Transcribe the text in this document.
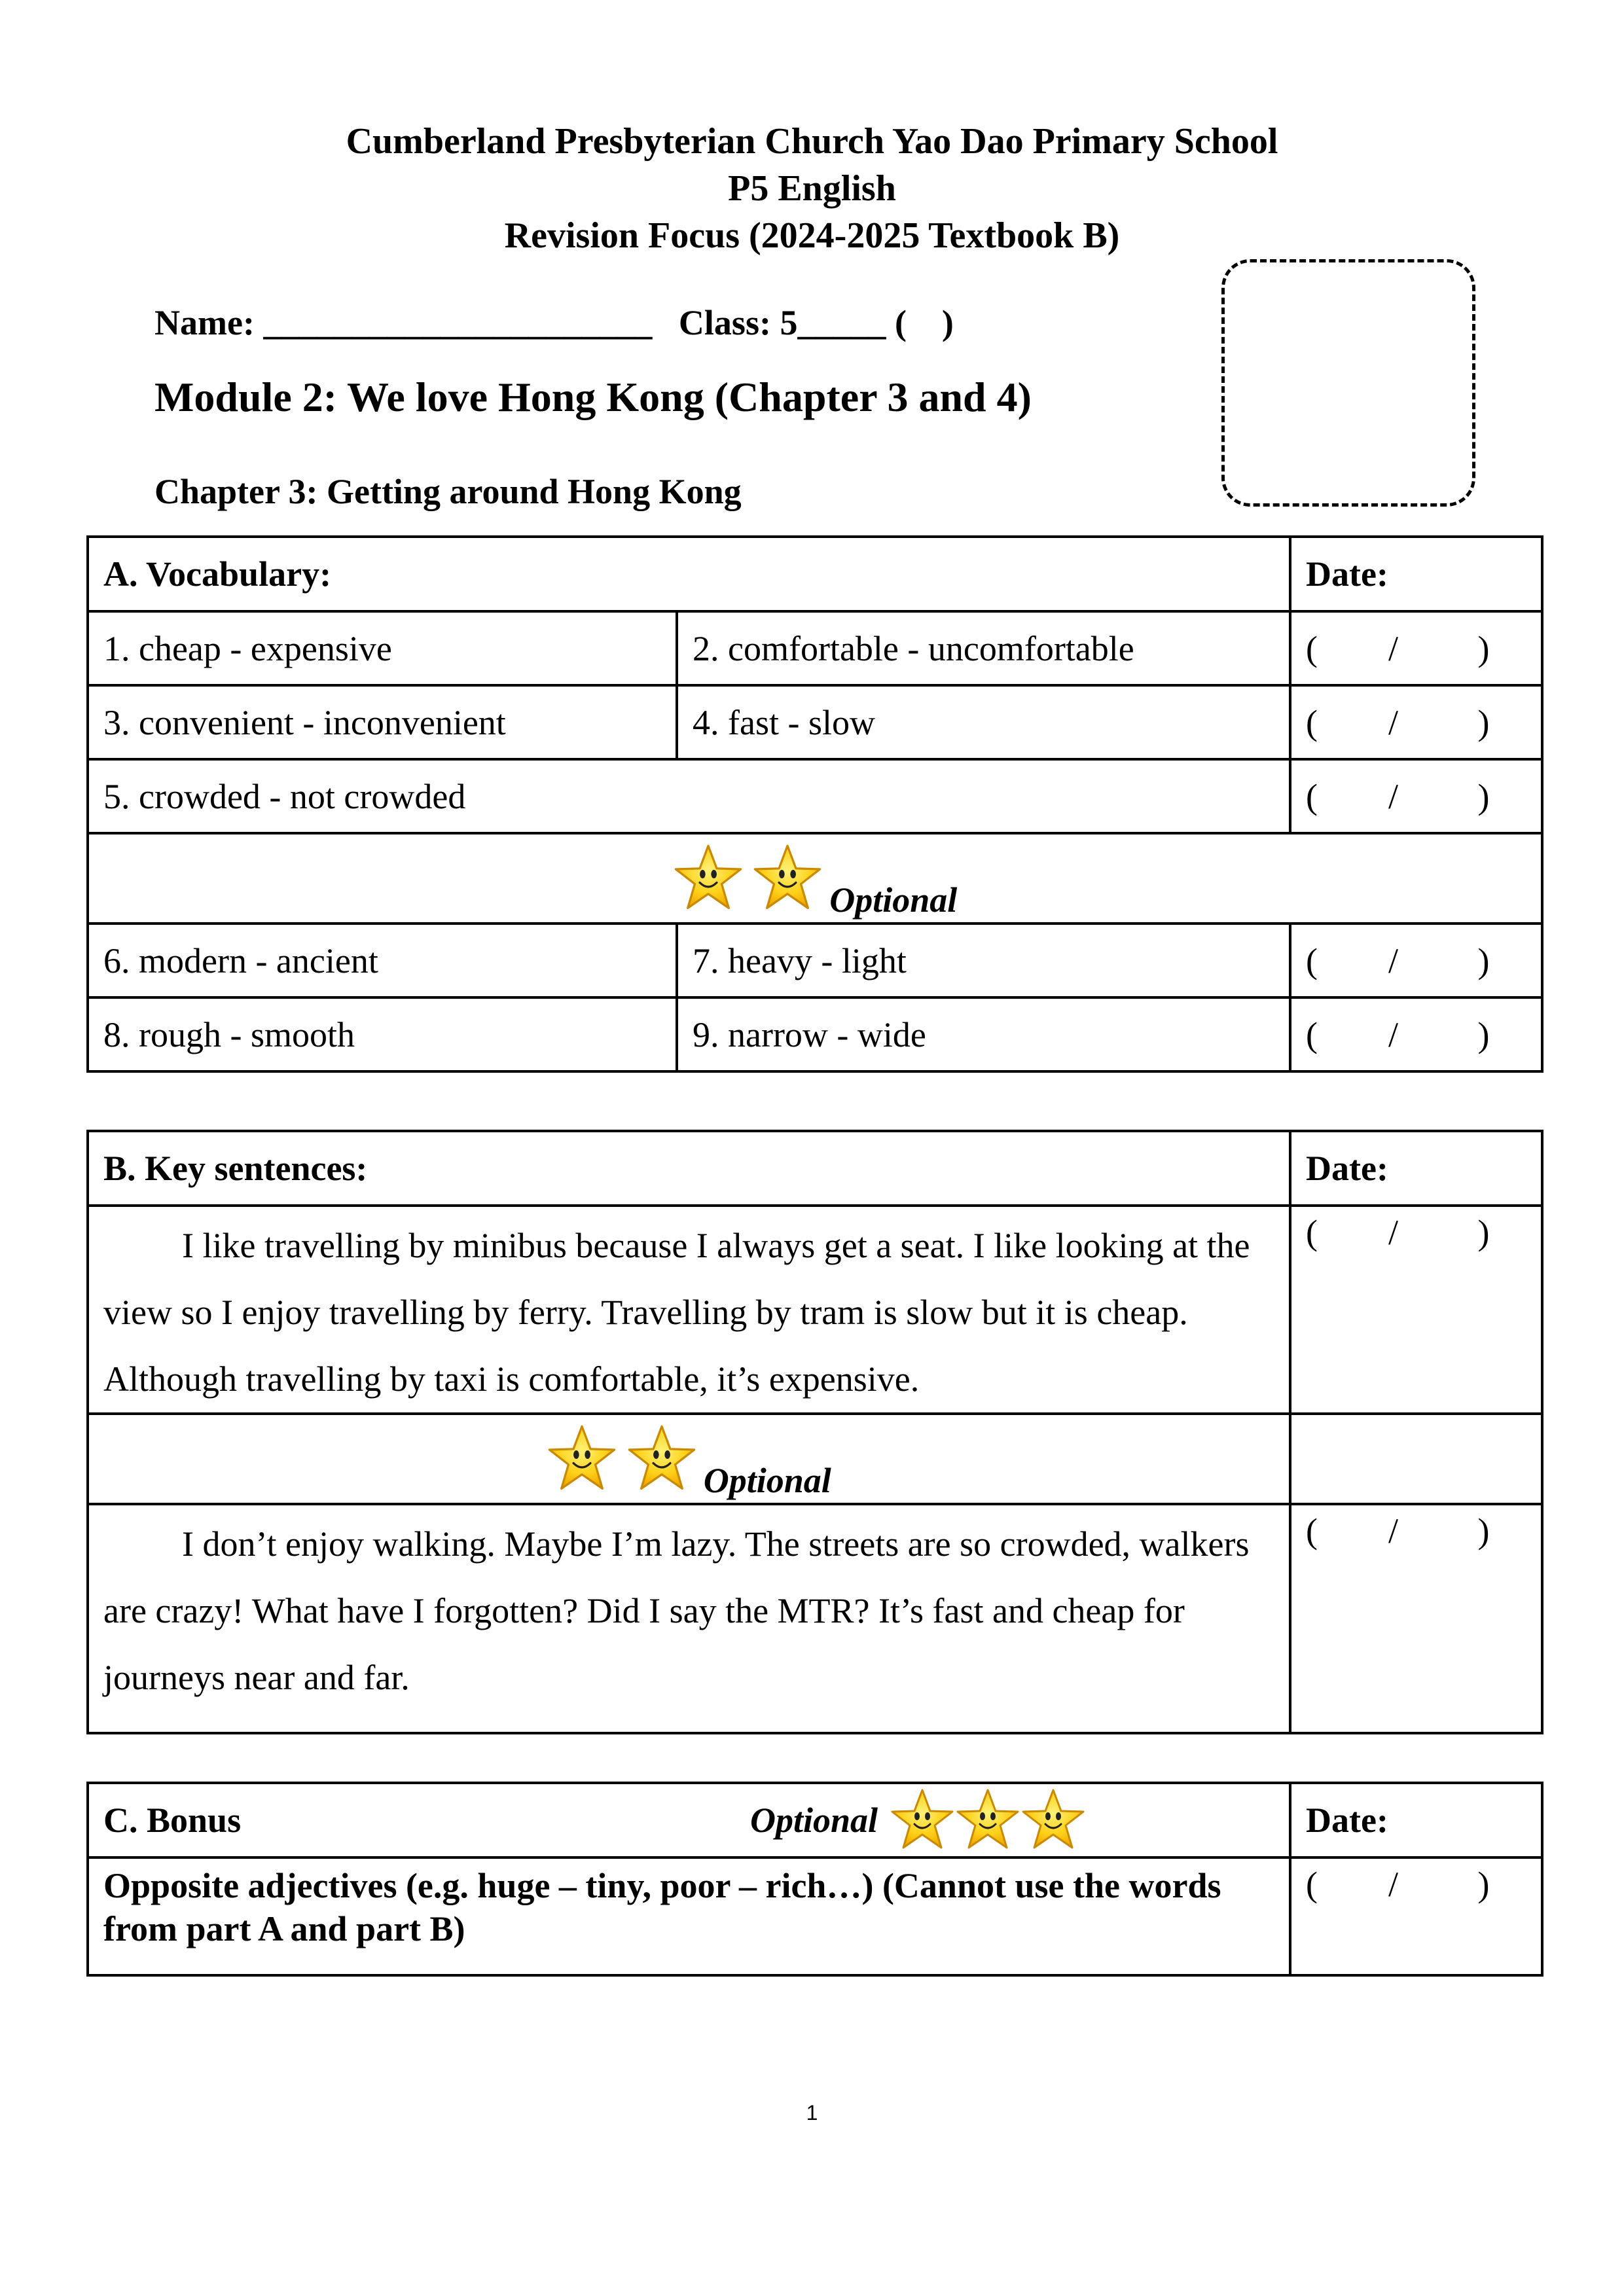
Cumberland Presbyterian Church Yao Dao Primary School
P5 English
Revision Focus (2024-2025 Textbook B)
Name: ______________________   Class: 5_____ (    )
Module 2: We love Hong Kong (Chapter 3 and 4)
Chapter 3: Getting around Hong Kong
A. Vocabulary:		Date:
1. cheap - expensive	2. comfortable - uncomfortable	(        /         )
3. convenient - inconvenient	4. fast - slow	(        /         )
5. crowded - not crowded		(        /         )
Optional		
6. modern - ancient	7. heavy - light	(        /         )
8. rough - smooth	9. narrow - wide	(        /         )
B. Key sentences:	Date:
I like travelling by minibus because I always get a seat. I like looking at the view so I enjoy travelling by ferry. Travelling by tram is slow but it is cheap. Although travelling by taxi is comfortable, it’s expensive.	(        /         )
Optional	
I don’t enjoy walking. Maybe I’m lazy. The streets are so crowded, walkers are crazy! What have I forgotten? Did I say the MTR? It’s fast and cheap for journeys near and far.	(        /         )
C. Bonus Optional	Date:
Opposite adjectives (e.g. huge – tiny, poor – rich…) (Cannot use the words from part A and part B)	(        /         )
1
